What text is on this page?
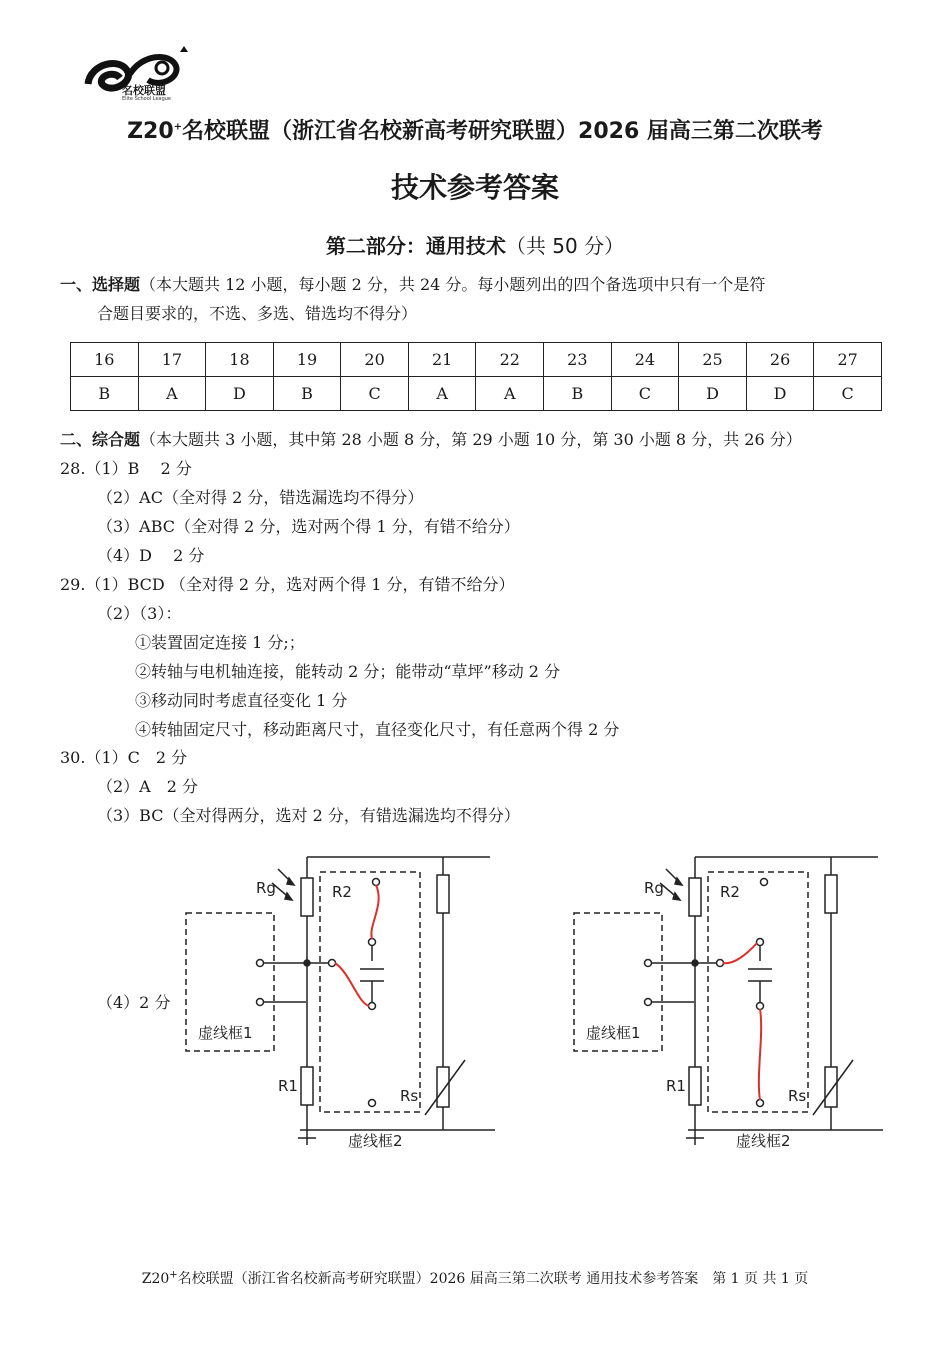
名校联盟
Elite School League
Z20+名校联盟（浙江省名校新高考研究联盟）2026 届高三第二次联考
技术参考答案
第二部分：通用技术（共 50 分）
一、选择题（本大题共 12 小题，每小题 2 分，共 24 分。每小题列出的四个备选项中只有一个是符
合题目要求的，不选、多选、错选均不得分）
16	17	18	19	20	21	22	23	24	25	26	27
B	A	D	B	C	A	A	B	C	D	D	C
二、综合题（本大题共 3 小题，其中第 28 小题 8 分，第 29 小题 10 分，第 30 小题 8 分，共 26 分）
28.（1）B　 2 分
（2）AC（全对得 2 分，错选漏选均不得分）
（3）ABC（全对得 2 分，选对两个得 1 分，有错不给分）
（4）D　 2 分
29.（1）BCD （全对得 2 分，选对两个得 1 分，有错不给分）
（2）（3）：
①装置固定连接 1 分;；
②转轴与电机轴连接，能转动 2 分；能带动“草坪”移动 2 分
③移动同时考虑直径变化 1 分
④转轴固定尺寸，移动距离尺寸，直径变化尺寸，有任意两个得 2 分
30.（1）C　2 分
（2）A　2 分
（3）BC（全对得两分，选对 2 分，有错选漏选均不得分）
（4）2 分
Rg	R2
R1
Rs
虚线框1
虚线框2
Rg	R2
R1
Rs
虚线框1
虚线框2
Z20+名校联盟（浙江省名校新高考研究联盟）2026 届高三第二次联考 通用技术参考答案　第 1 页 共 1 页
